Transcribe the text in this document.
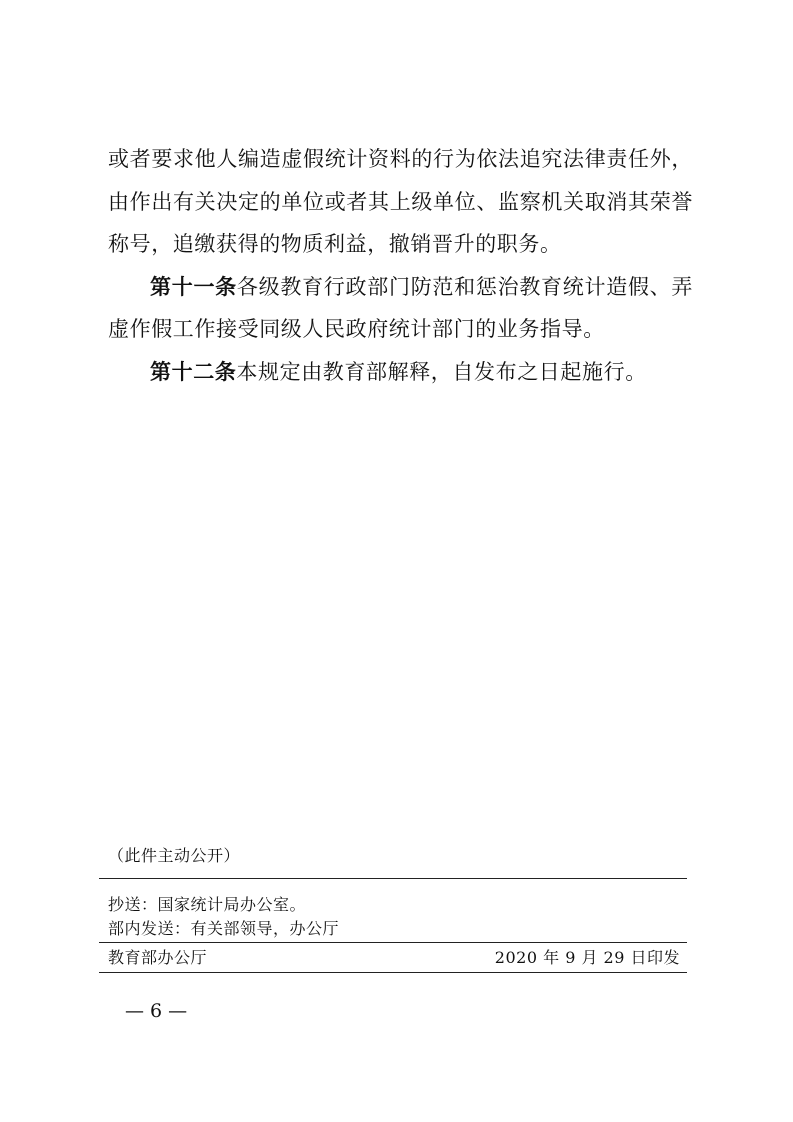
或者要求他人编造虚假统计资料的行为依法追究法律责任外，由作出有关决定的单位或者其上级单位、监察机关取消其荣誉称号，追缴获得的物质利益，撤销晋升的职务。

第十一条各级教育行政部门防范和惩治教育统计造假、弄虚作假工作接受同级人民政府统计部门的业务指导。

第十二条本规定由教育部解释，自发布之日起施行。

（此件主动公开）
抄送：国家统计局办公室。
部内发送：有关部领导，办公厅
教育部办公厅	2020 年 9 月 29 日印发
— 6 —
